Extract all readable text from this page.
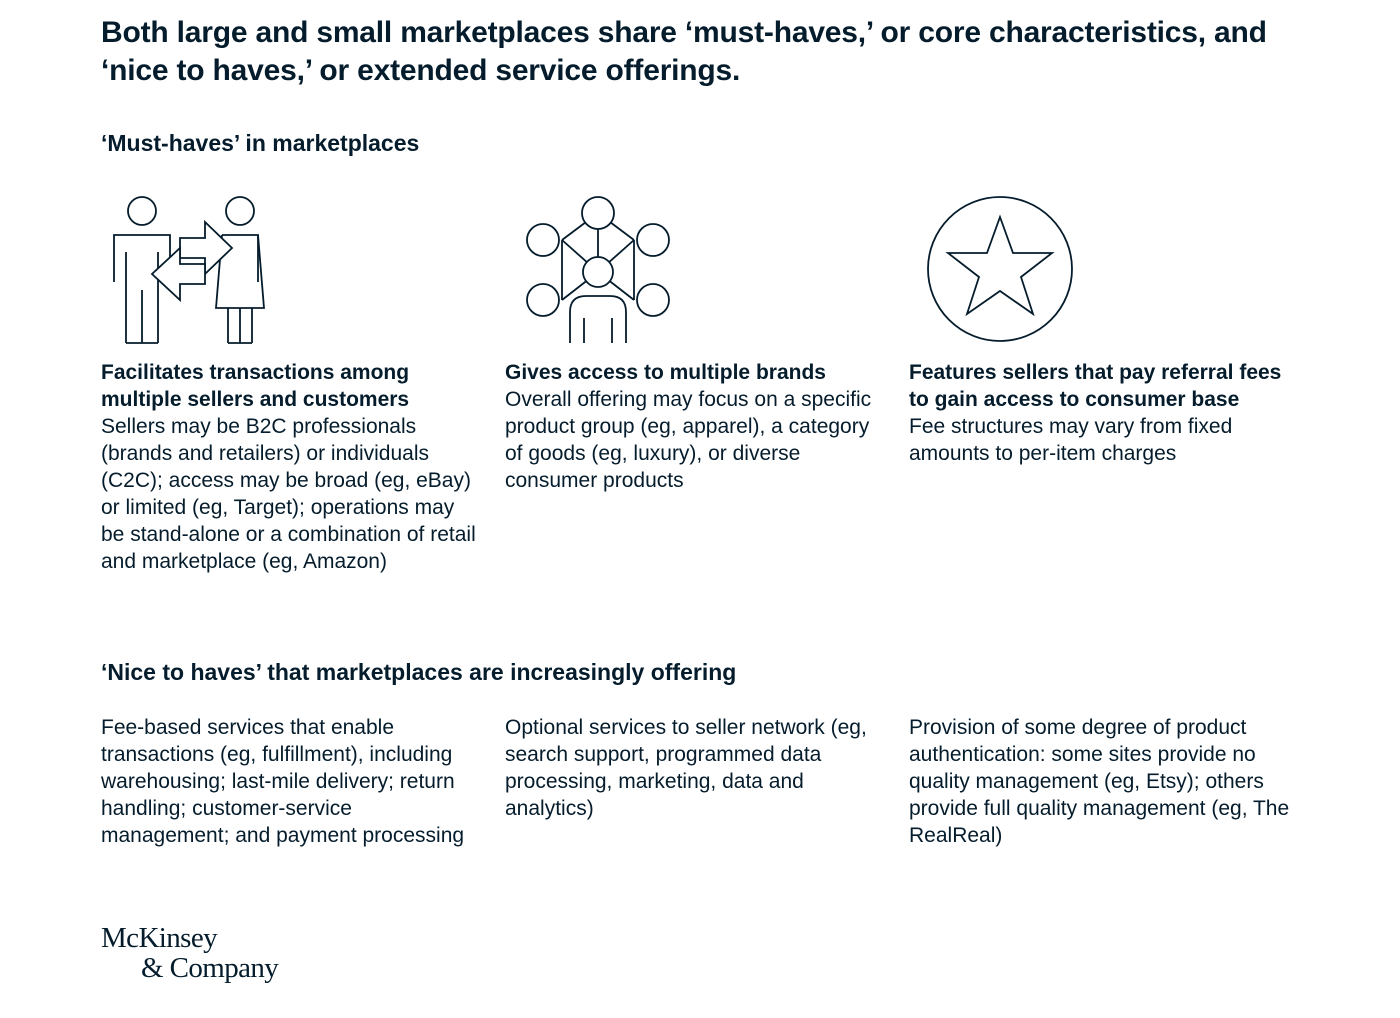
Both large and small marketplaces share ‘must-haves,’ or core characteristics, and ‘nice to haves,’ or extended service offerings.
‘Must-haves’ in marketplaces
Facilitates transactions among multiple sellers and customers
Sellers may be B2C professionals (brands and retailers) or individuals (C2C); access may be broad (eg, eBay) or limited (eg, Target); operations may be stand-alone or a combination of retail and marketplace (eg, Amazon)
Gives access to multiple brands
Overall offering may focus on a specific product group (eg, apparel), a category of goods (eg, luxury), or diverse consumer products
Features sellers that pay referral fees to gain access to consumer base
Fee structures may vary from fixed amounts to per-item charges
‘Nice to haves’ that marketplaces are increasingly offering
Fee-based services that enable transactions (eg, fulfillment), including warehousing; last-mile delivery; return handling; customer-service management; and payment processing
Optional services to seller network (eg, search support, programmed data processing, marketing, data and analytics)
Provision of some degree of product authentication: some sites provide no quality management (eg, Etsy); others provide full quality management (eg, The RealReal)
McKinsey
& Company
